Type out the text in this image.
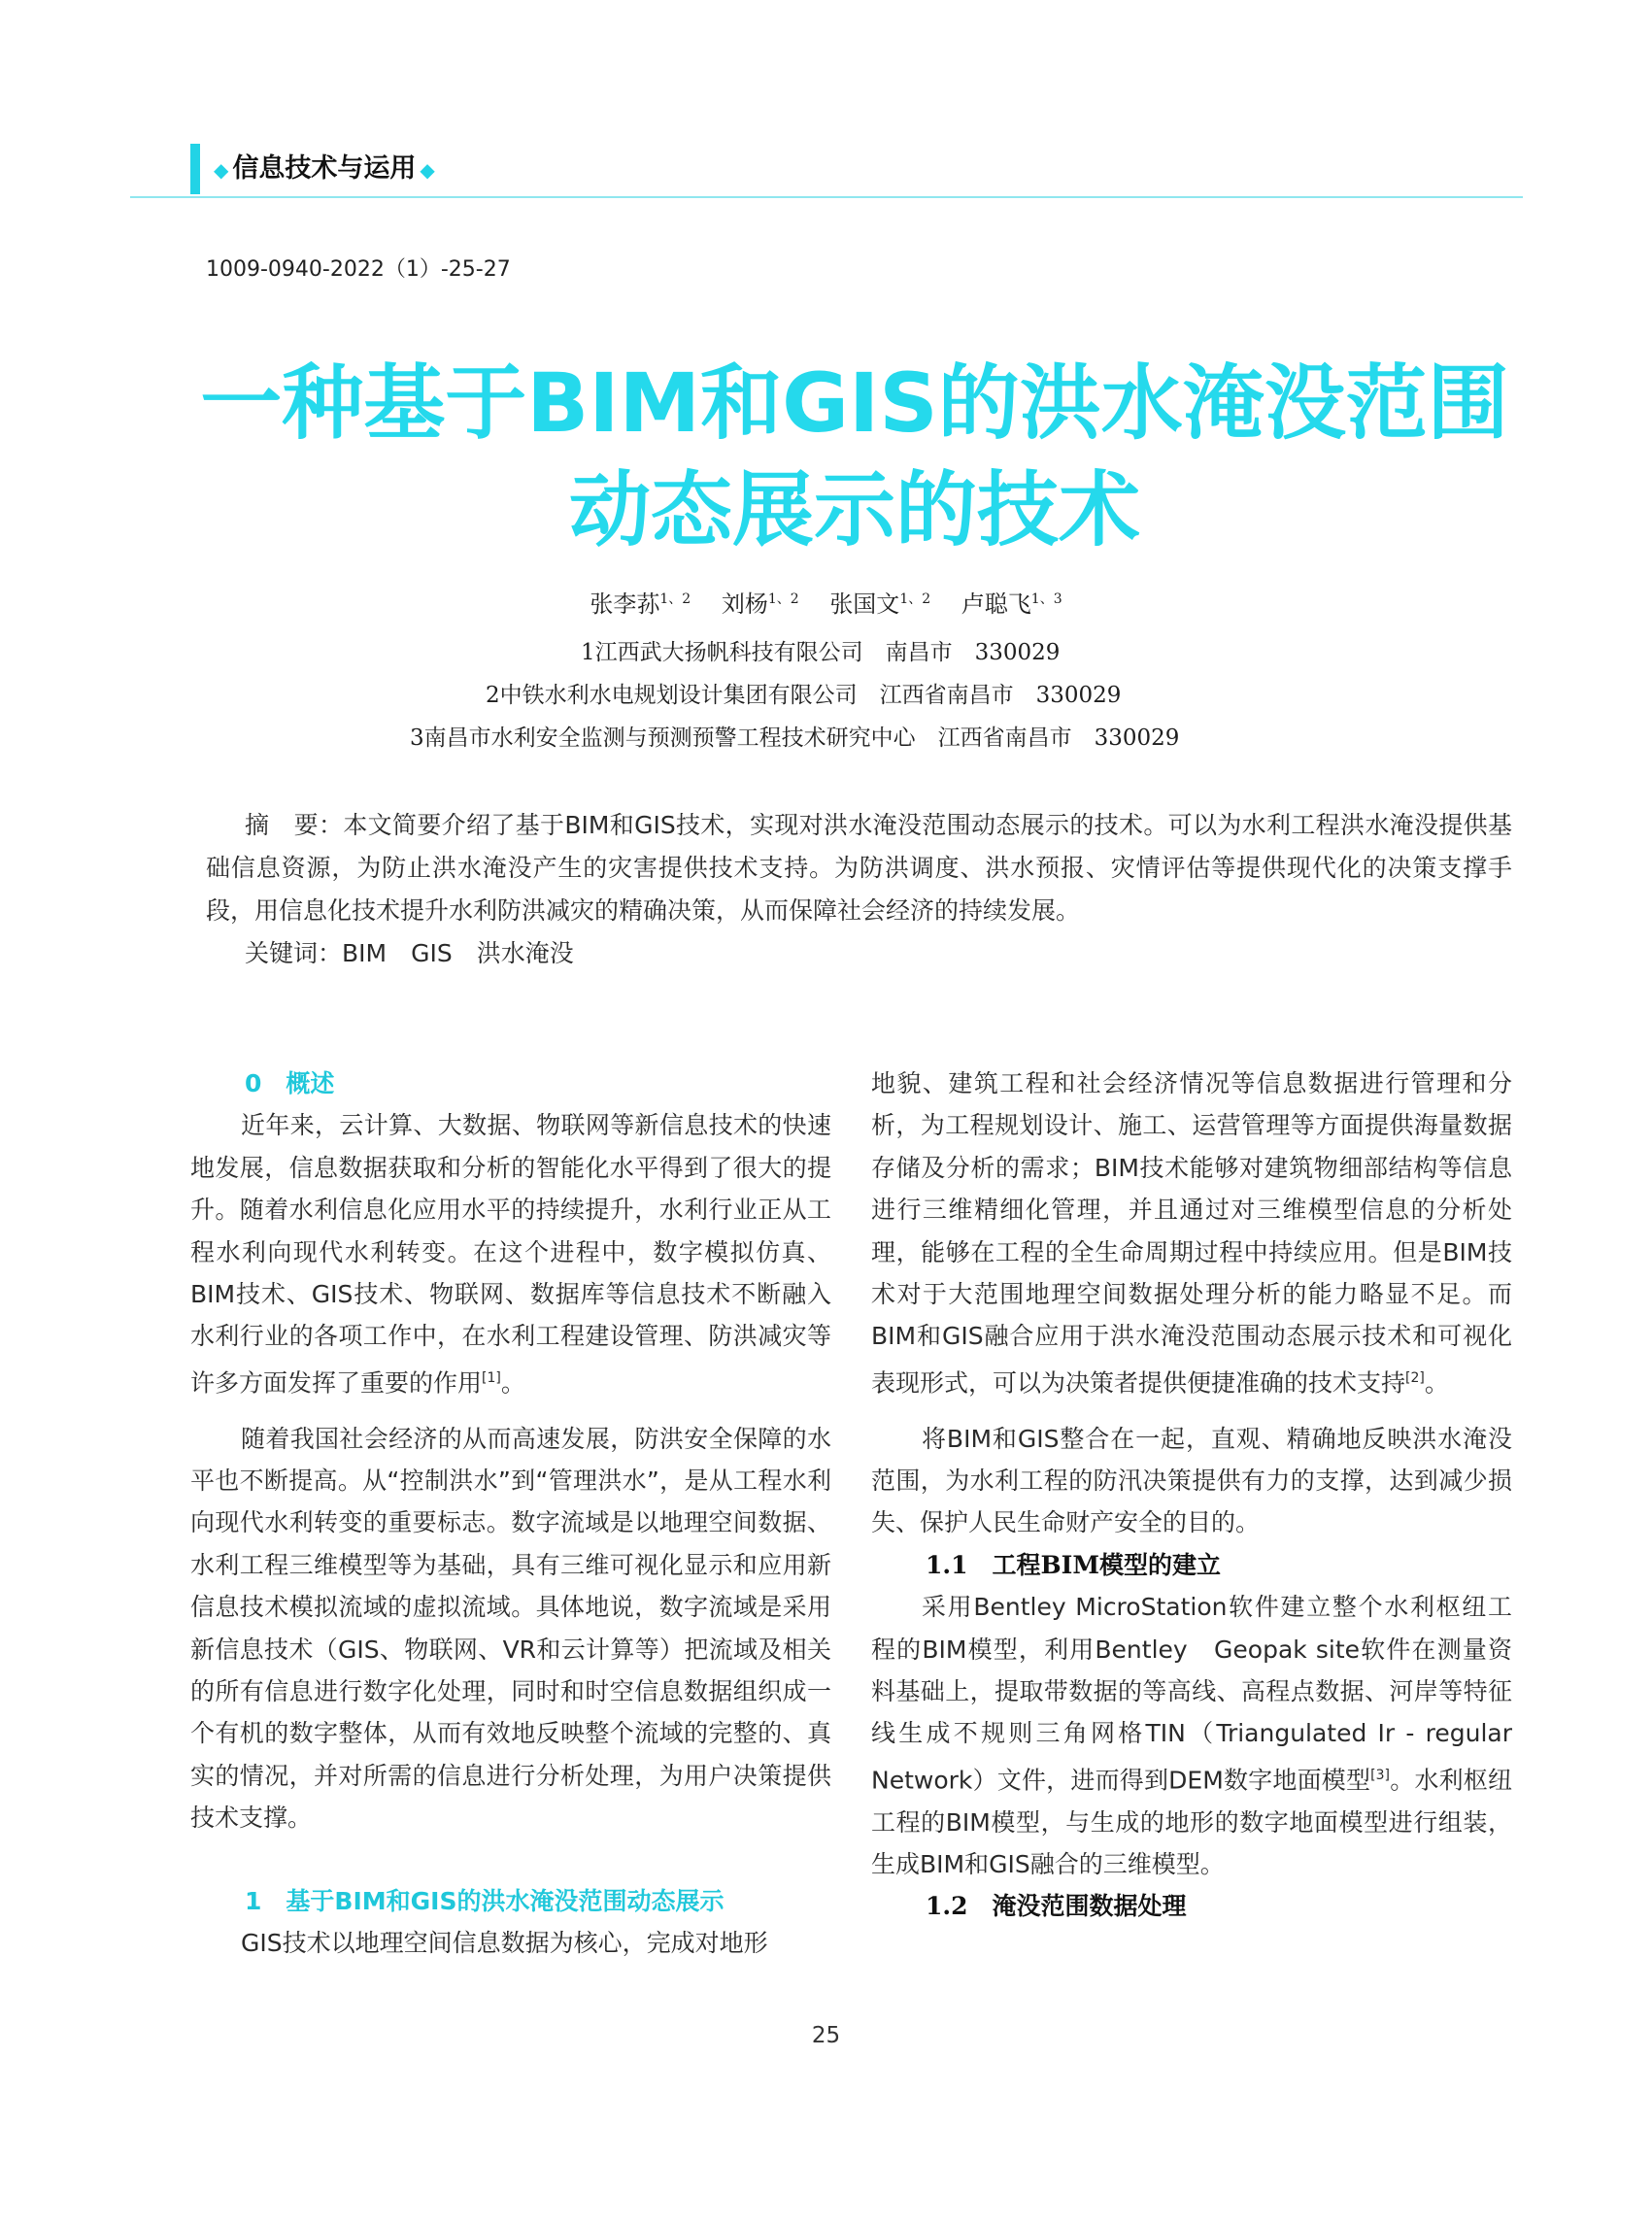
◆ 信息技术与运用 ◆
1009-0940-2022（1）-25-27
一种基于BIM和GIS的洪水淹没范围
动态展示的技术
张李荪$^{1、2}$　 刘杨$^{1、2}$　 张国文$^{1、2}$　 卢聪飞$^{1、3}$
1江西武大扬帆科技有限公司　南昌市　330029
2中铁水利水电规划设计集团有限公司　江西省南昌市　330029
3南昌市水利安全监测与预测预警工程技术研究中心　江西省南昌市　330029

摘　要：本文简要介绍了基于BIM和GIS技术，实现对洪水淹没范围动态展示的技术。可以为水利工程洪水淹没提供基础信息资源，为防止洪水淹没产生的灾害提供技术支持。为防洪调度、洪水预报、灾情评估等提供现代化的决策支撑手段，用信息化技术提升水利防洪减灾的精确决策，从而保障社会经济的持续发展。

关键词：BIM　GIS　洪水淹没
0　概述

近年来，云计算、大数据、物联网等新信息技术的快速地发展，信息数据获取和分析的智能化水平得到了很大的提升。随着水利信息化应用水平的持续提升，水利行业正从工程水利向现代水利转变。在这个进程中，数字模拟仿真、BIM技术、GIS技术、物联网、数据库等信息技术不断融入水利行业的各项工作中，在水利工程建设管理、防洪减灾等许多方面发挥了重要的作用[1]。

随着我国社会经济的从而高速发展，防洪安全保障的水平也不断提高。从“控制洪水”到“管理洪水”，是从工程水利向现代水利转变的重要标志。数字流域是以地理空间数据、水利工程三维模型等为基础，具有三维可视化显示和应用新信息技术模拟流域的虚拟流域。具体地说，数字流域是采用新信息技术（GIS、物联网、VR和云计算等）把流域及相关的所有信息进行数字化处理，同时和时空信息数据组织成一个有机的数字整体，从而有效地反映整个流域的完整的、真实的情况，并对所需的信息进行分析处理，为用户决策提供技术支撑。

1　基于BIM和GIS的洪水淹没范围动态展示

GIS技术以地理空间信息数据为核心，完成对地形

地貌、建筑工程和社会经济情况等信息数据进行管理和分析，为工程规划设计、施工、运营管理等方面提供海量数据存储及分析的需求；BIM技术能够对建筑物细部结构等信息进行三维精细化管理，并且通过对三维模型信息的分析处理，能够在工程的全生命周期过程中持续应用。但是BIM技术对于大范围地理空间数据处理分析的能力略显不足。而BIM和GIS融合应用于洪水淹没范围动态展示技术和可视化表现形式，可以为决策者提供便捷准确的技术支持[2]。

将BIM和GIS整合在一起，直观、精确地反映洪水淹没范围，为水利工程的防汛决策提供有力的支撑，达到减少损失、保护人民生命财产安全的目的。

1.1　工程BIM模型的建立

采用Bentley MicroStation软件建立整个水利枢纽工程的BIM模型，利用Bentley　Geopak site软件在测量资料基础上，提取带数据的等高线、高程点数据、河岸等特征线生成不规则三角网格TIN（Triangulated Ir - regular Network）文件，进而得到DEM数字地面模型[3]。水利枢纽工程的BIM模型，与生成的地形的数字地面模型进行组装，生成BIM和GIS融合的三维模型。

1.2　淹没范围数据处理
25
